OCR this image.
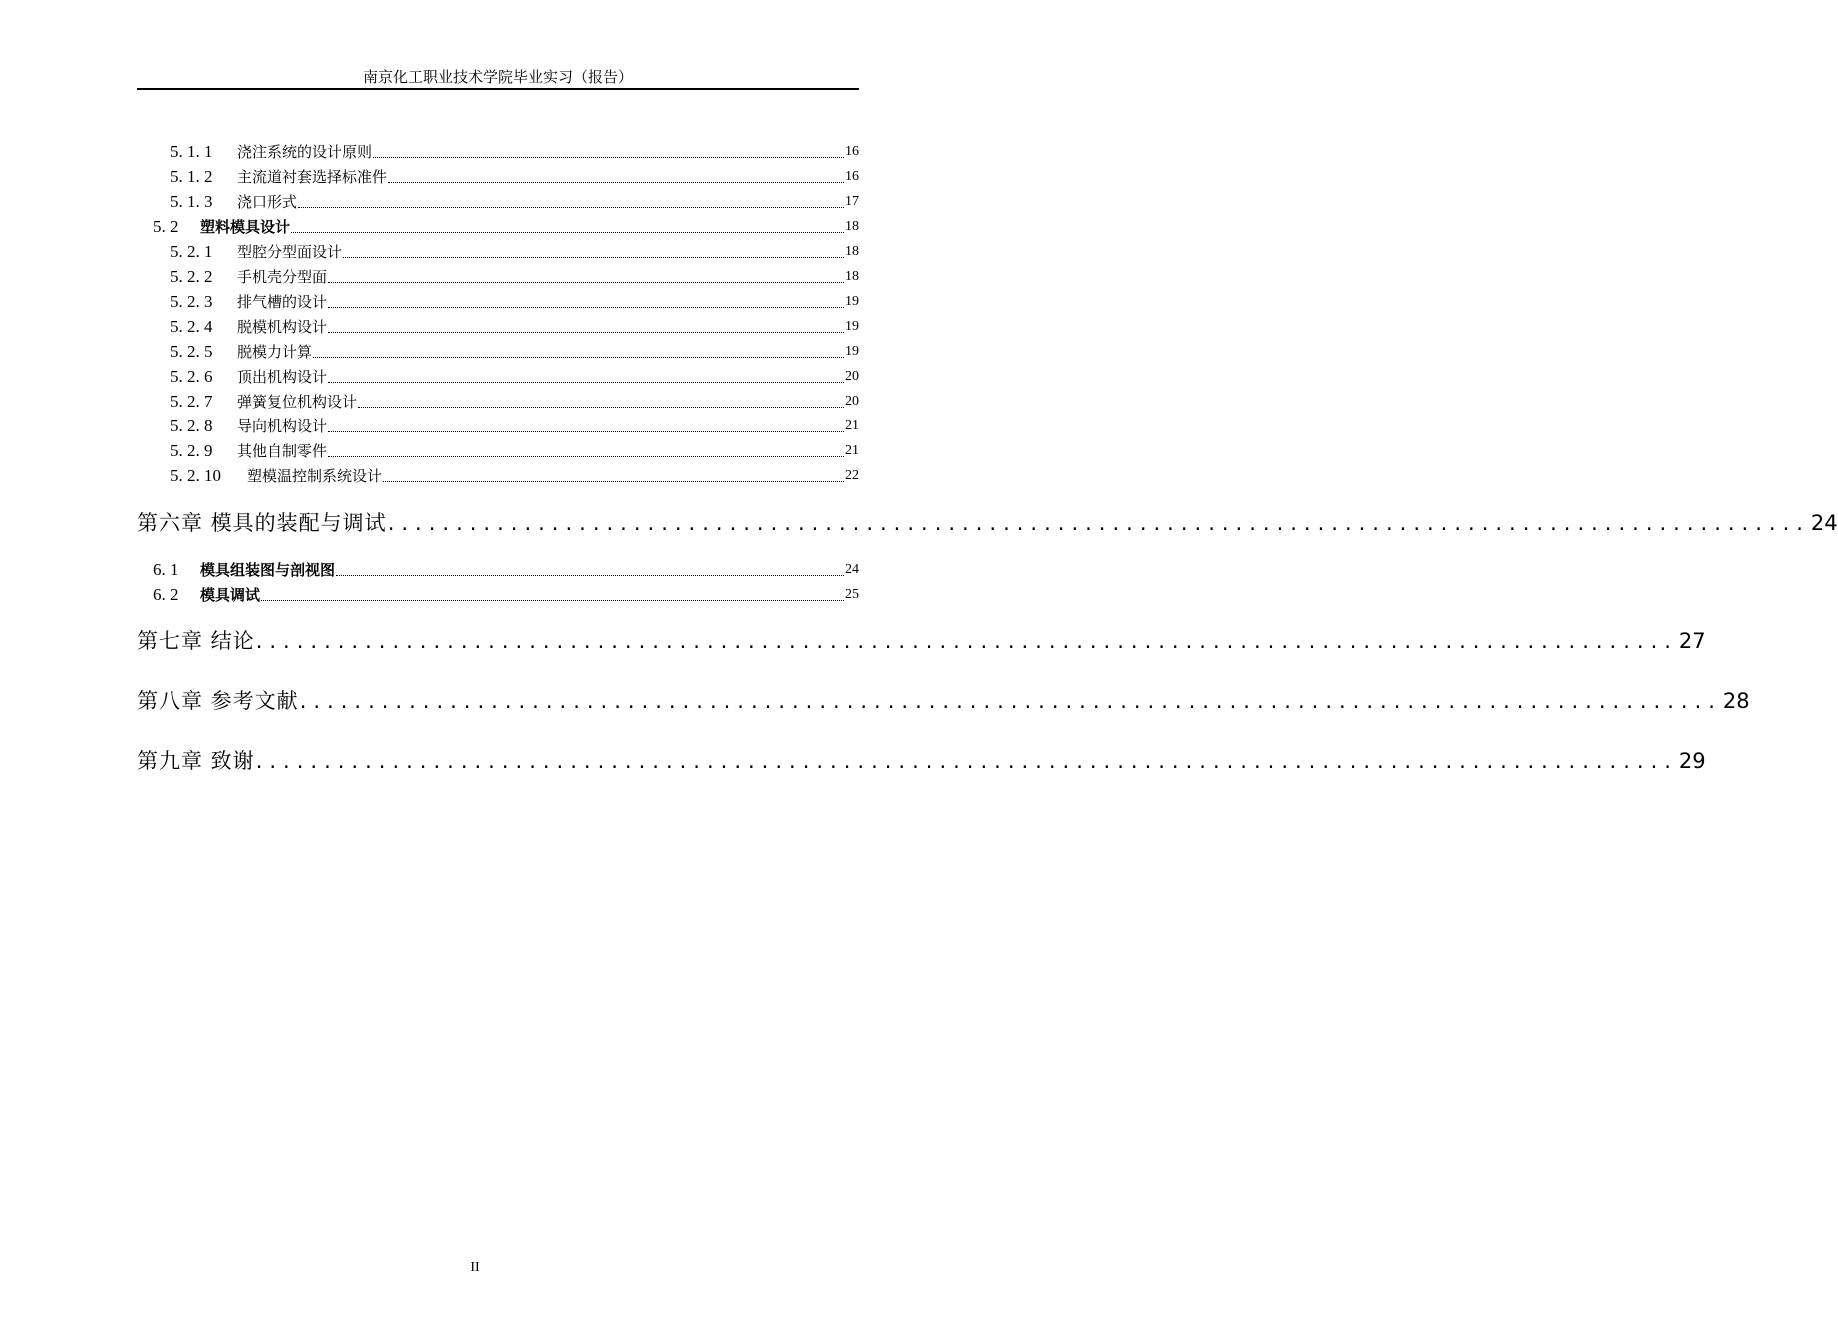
南京化工职业技术学院毕业实习（报告）
5. 1. 1	浇注系统的设计原则	16
5. 1. 2	主流道衬套选择标准件	16
5. 1. 3	浇口形式	17
5. 2	塑料模具设计	18
5. 2. 1	型腔分型面设计	18
5. 2. 2	手机壳分型面	18
5. 2. 3	排气槽的设计	19
5. 2. 4	脱模机构设计	19
5. 2. 5	脱模力计算	19
5. 2. 6	顶出机构设计	20
5. 2. 7	弹簧复位机构设计	20
5. 2. 8	导向机构设计	21
5. 2. 9	其他自制零件	21
5. 2. 10	塑模温控制系统设计	22
第六章 模具的装配与调试 ........................................................................................................ 24
6. 1	模具组装图与剖视图	24
6. 2	模具调试	25
第七章 结论 ........................................................................................................ 27
第八章 参考文献 ........................................................................................................ 28
第九章 致谢 ........................................................................................................ 29
II
